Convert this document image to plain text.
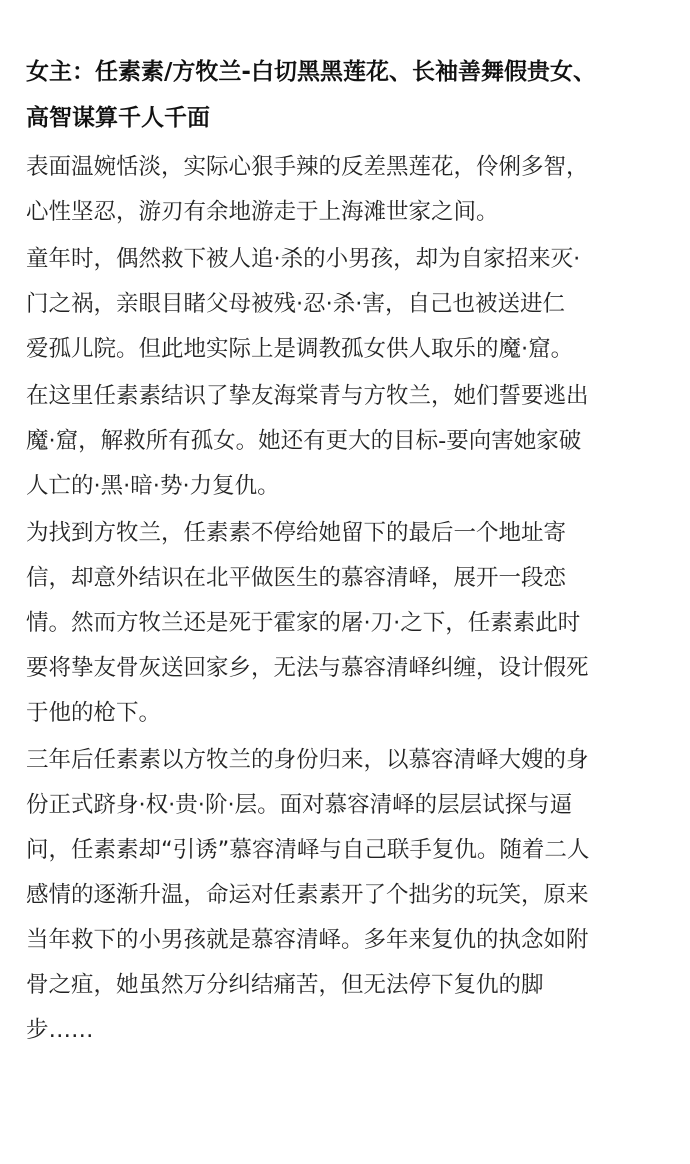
女主：任素素/方牧兰-白切黑黑莲花、长袖善舞假贵女、
高智谋算千人千面
表面温婉恬淡，实际心狠手辣的反差黑莲花，伶俐多智，
心性坚忍，游刃有余地游走于上海滩世家之间。
童年时，偶然救下被人追·杀的小男孩，却为自家招来灭·
门之祸，亲眼目睹父母被残·忍·杀·害，自己也被送进仁
爱孤儿院。但此地实际上是调教孤女供人取乐的魔·窟。
在这里任素素结识了挚友海棠青与方牧兰，她们誓要逃出
魔·窟，解救所有孤女。她还有更大的目标-要向害她家破
人亡的·黑·暗·势·力复仇。
为找到方牧兰，任素素不停给她留下的最后一个地址寄
信，却意外结识在北平做医生的慕容清峄，展开一段恋
情。然而方牧兰还是死于霍家的屠·刀·之下，任素素此时
要将挚友骨灰送回家乡，无法与慕容清峄纠缠，设计假死
于他的枪下。
三年后任素素以方牧兰的身份归来，以慕容清峄大嫂的身
份正式跻身·权·贵·阶·层。面对慕容清峄的层层试探与逼
问，任素素却“引诱”慕容清峄与自己联手复仇。随着二人
感情的逐渐升温，命运对任素素开了个拙劣的玩笑，原来
当年救下的小男孩就是慕容清峄。多年来复仇的执念如附
骨之疽，她虽然万分纠结痛苦，但无法停下复仇的脚
步……
